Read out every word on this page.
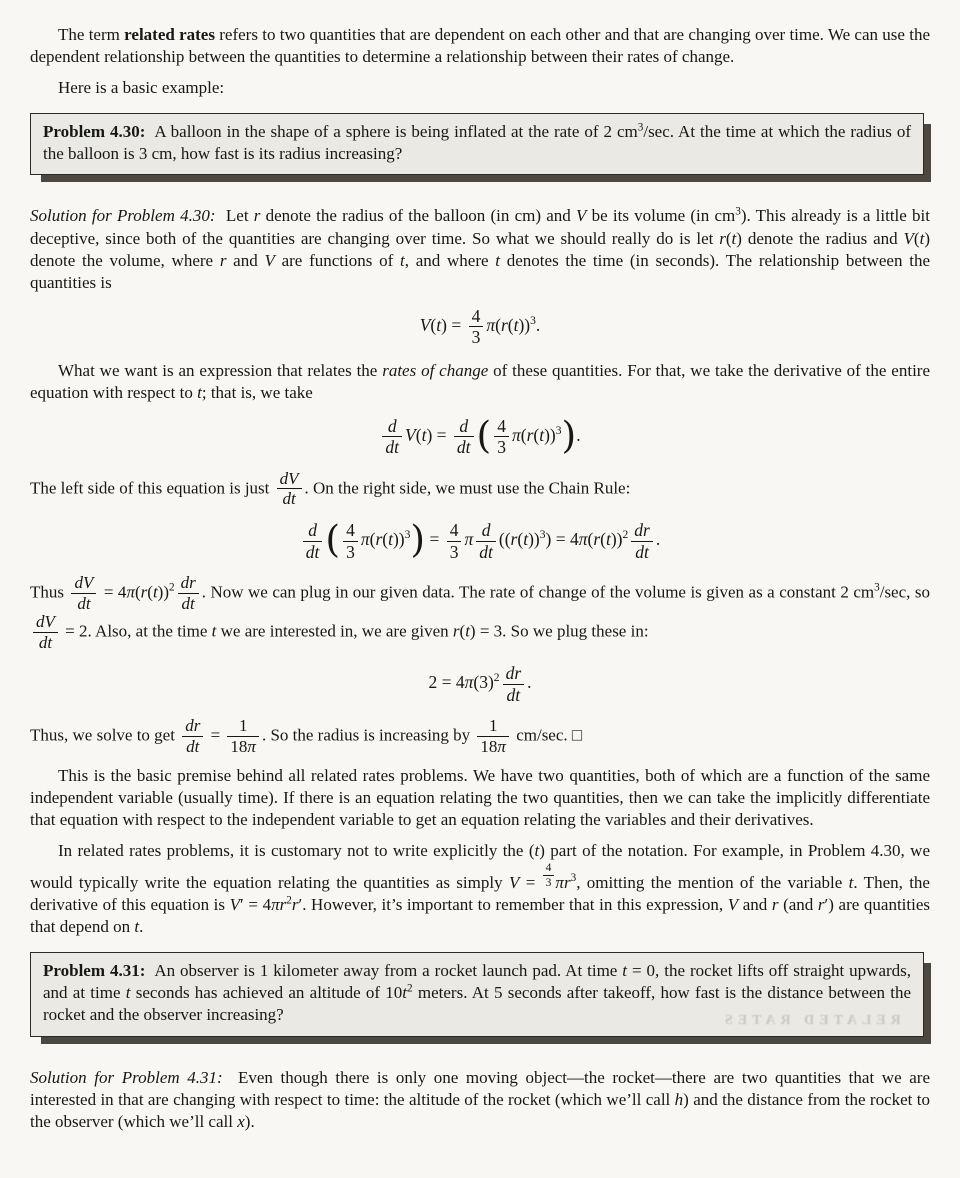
The term related rates refers to two quantities that are dependent on each other and that are changing over time. We can use the dependent relationship between the quantities to determine a relationship between their rates of change.

Here is a basic example:

Problem 4.30:  A balloon in the shape of a sphere is being inflated at the rate of 2 $cm^3/\sec$. At the time at which the radius of the balloon is 3 cm, how fast is its radius increasing?

Solution for Problem 4.30:  Let r denote the radius of the balloon (in cm) and V be its volume (in $cm^3$). This already is a little bit deceptive, since both of the quantities are changing over time. So what we should really do is let r(t) denote the radius and V(t) denote the volume, where r and V are functions of t, and where t denotes the time (in seconds). The relationship between the quantities is

$V(t) = \frac{4}{3} \pi(r(t))^3$.

What we want is an expression that relates the rates of change of these quantities. For that, we take the derivative of the entire equation with respect to t; that is, we take

$\frac{d}{dt} V(t) = \frac{d}{dt}$ ( $\frac{4}{3} \pi(r(t))^3$).

The left side of this equation is just $\frac{dV}{dt}$ . On the right side, we must use the Chain Rule:

$\frac{d}{dt}$ ( $\frac{4}{3} \pi(r(t))^3) = \frac{4}{3}$ π $\frac{d}{dt} ((r(t))^3) = 4\pi(r(t))^2 \frac{dr}{dt}$ .

Thus $\frac{dV}{dt} = 4\pi(r(t))^2 \frac{dr}{dt}$ . Now we can plug in our given data. The rate of change of the volume is given as a constant 2 $cm^3/\sec$, so
$\frac{dV}{dt} = 2$. Also, at the time t we are interested in, we are given r(t) = 3. So we plug these in:

$2 = 4\pi(3)^2 \frac{dr}{dt}$ .

Thus, we solve to get $\frac{dr}{dt} = \frac{1}{18\pi}$ . So the radius is increasing by $\frac{1}{18\pi} cm/\sec$. □

This is the basic premise behind all related rates problems. We have two quantities, both of which are a function of the same independent variable (usually time). If there is an equation relating the two quantities, then we can take the implicitly differentiate that equation with respect to the independent variable to get an equation relating the variables and their derivatives.

In related rates problems, it is customary not to write explicitly the (t) part of the notation. For example, in Problem 4.30, we would typically write the equation relating the quantities as simply $V = \frac{4}{3} \pi r^3$, omitting the mention of the variable t. Then, the derivative of this equation is $V' = 4\pi r^2r'$. However, it’s important to remember that in this expression, V and r (and r′) are quantities that depend on t.

Problem 4.31:  An observer is 1 kilometer away from a rocket launch pad. At time t = 0, the rocket lifts off straight upwards, and at time t seconds has achieved an altitude of $10t^2$ meters. At 5 seconds after takeoff, how fast is the distance between the rocket and the observer increasing?	RELATED RATES

Solution for Problem 4.31:  Even though there is only one moving object—the rocket—there are two quantities that we are interested in that are changing with respect to time: the altitude of the rocket (which we’ll call h) and the distance from the rocket to the observer (which we’ll call x).
